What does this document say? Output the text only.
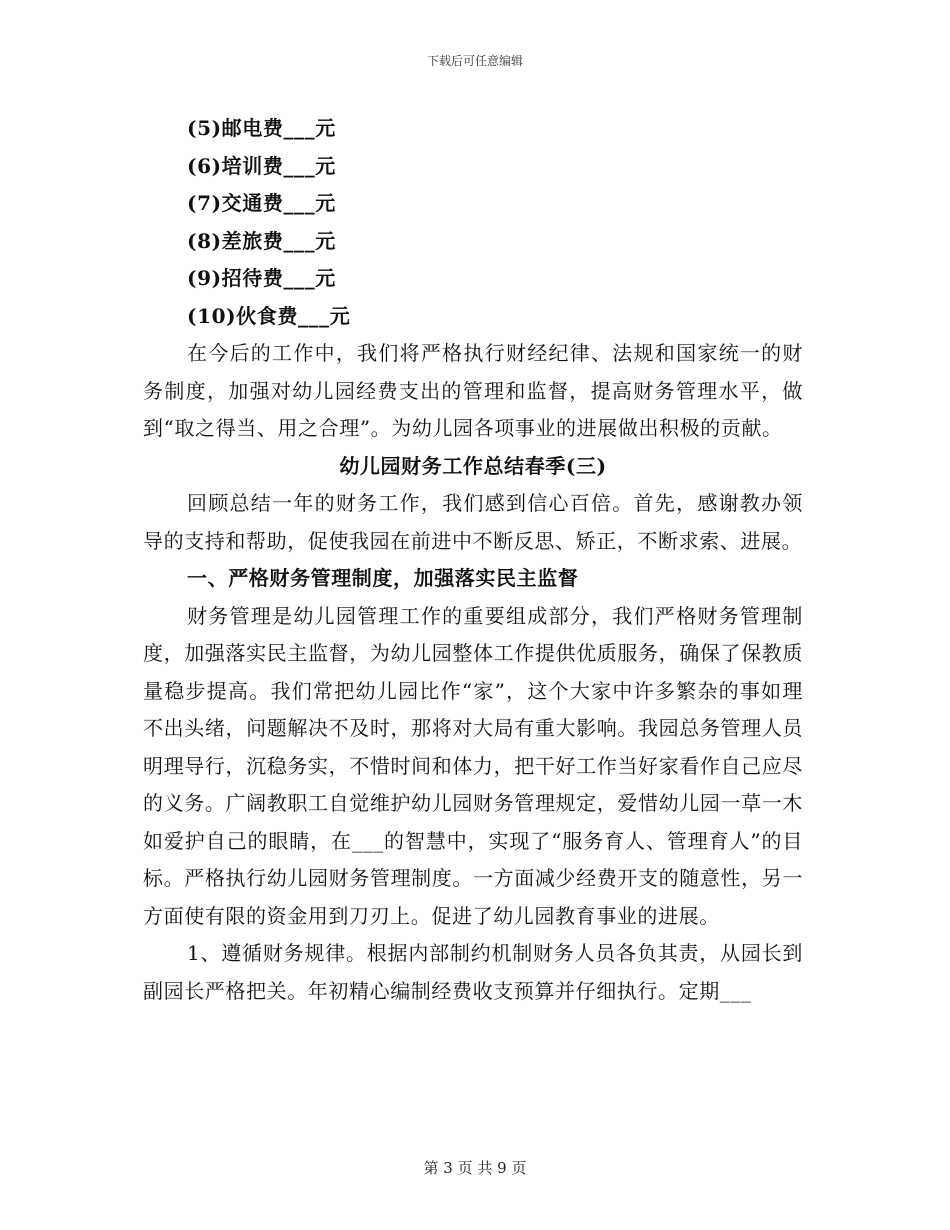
下载后可任意编辑
(5)邮电费___元
(6)培训费___元
(7)交通费___元
(8)差旅费___元
(9)招待费___元
(10)伙食费___元

在今后的工作中，我们将严格执行财经纪律、法规和国家统一的财务制度，加强对幼儿园经费支出的管理和监督，提高财务管理水平，做到“取之得当、用之合理”。为幼儿园各项事业的进展做出积极的贡献。

幼儿园财务工作总结春季(三)

回顾总结一年的财务工作，我们感到信心百倍。首先，感谢教办领导的支持和帮助，促使我园在前进中不断反思、矫正，不断求索、进展。

一、严格财务管理制度，加强落实民主监督

财务管理是幼儿园管理工作的重要组成部分，我们严格财务管理制度，加强落实民主监督，为幼儿园整体工作提供优质服务，确保了保教质量稳步提高。我们常把幼儿园比作“家”，这个大家中许多繁杂的事如理不出头绪，问题解决不及时，那将对大局有重大影响。我园总务管理人员明理导行，沉稳务实，不惜时间和体力，把干好工作当好家看作自己应尽的义务。广阔教职工自觉维护幼儿园财务管理规定，爱惜幼儿园一草一木如爱护自己的眼睛，在___的智慧中，实现了“服务育人、管理育人”的目标。严格执行幼儿园财务管理制度。一方面减少经费开支的随意性，另一方面使有限的资金用到刀刃上。促进了幼儿园教育事业的进展。

1、遵循财务规律。根据内部制约机制财务人员各负其责，从园长到副园长严格把关。年初精心编制经费收支预算并仔细执行。定期___

第 3 页 共 9 页
